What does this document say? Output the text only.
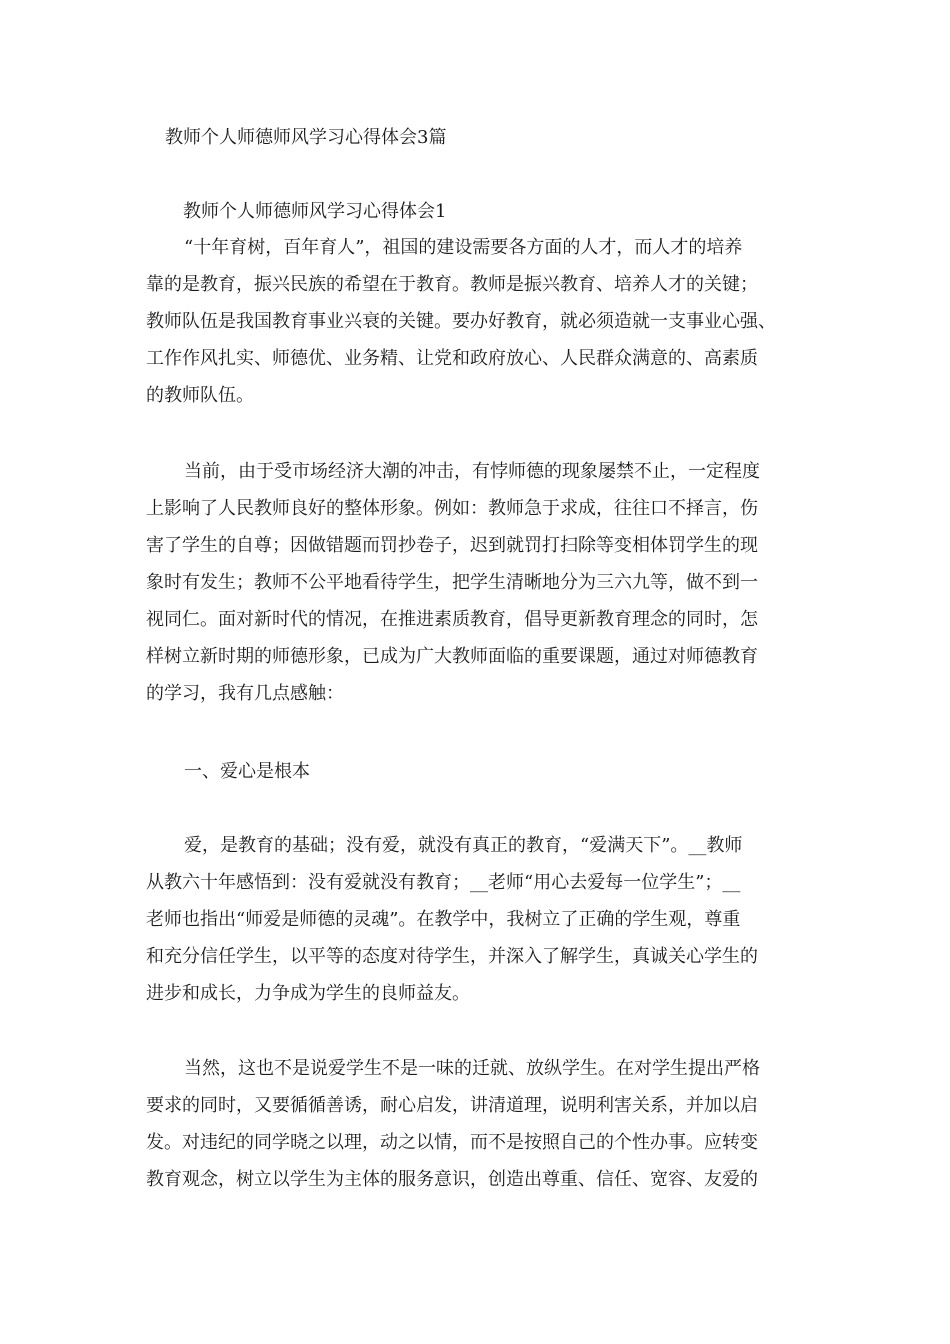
教师个人师德师风学习心得体会3篇
教师个人师德师风学习心得体会1

“十年育树，百年育人”，祖国的建设需要各方面的人才，而人才的培养
靠的是教育，振兴民族的希望在于教育。教师是振兴教育、培养人才的关键；
教师队伍是我国教育事业兴衰的关键。要办好教育，就必须造就一支事业心强、
工作作风扎实、师德优、业务精、让党和政府放心、人民群众满意的、高素质
的教师队伍。

当前，由于受市场经济大潮的冲击，有悖师德的现象屡禁不止，一定程度
上影响了人民教师良好的整体形象。例如：教师急于求成，往往口不择言，伤
害了学生的自尊；因做错题而罚抄卷子，迟到就罚打扫除等变相体罚学生的现
象时有发生；教师不公平地看待学生，把学生清晰地分为三六九等，做不到一
视同仁。面对新时代的情况，在推进素质教育，倡导更新教育理念的同时，怎
样树立新时期的师德形象，已成为广大教师面临的重要课题，通过对师德教育
的学习，我有几点感触：

一、爱心是根本

爱，是教育的基础；没有爱，就没有真正的教育，“爱满天下”。__教师
从教六十年感悟到：没有爱就没有教育；__老师“用心去爱每一位学生”；__
老师也指出“师爱是师德的灵魂”。在教学中，我树立了正确的学生观，尊重
和充分信任学生，以平等的态度对待学生，并深入了解学生，真诚关心学生的
进步和成长，力争成为学生的良师益友。

当然，这也不是说爱学生不是一味的迁就、放纵学生。在对学生提出严格
要求的同时，又要循循善诱，耐心启发，讲清道理，说明利害关系，并加以启
发。对违纪的同学晓之以理，动之以情，而不是按照自己的个性办事。应转变
教育观念，树立以学生为主体的服务意识，创造出尊重、信任、宽容、友爱的
